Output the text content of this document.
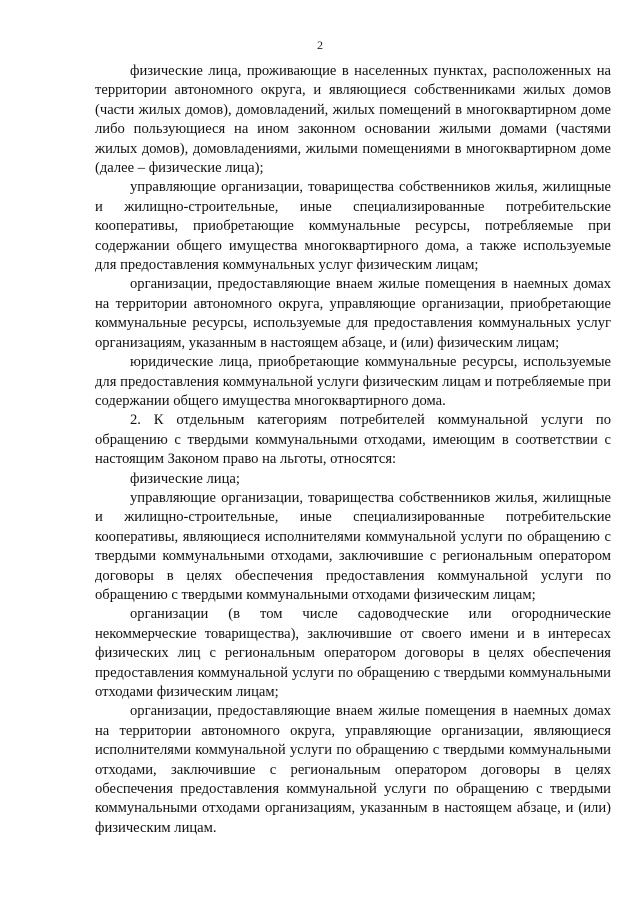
2

физические лица, проживающие в населенных пунктах, расположенных на территории автономного округа, и являющиеся собственниками жилых домов (части жилых домов), домовладений, жилых помещений в многоквартирном доме либо пользующиеся на ином законном основании жилыми домами (частями жилых домов), домовладениями, жилыми помещениями в многоквартирном доме (далее – физические лица);

управляющие организации, товарищества собственников жилья, жилищные и жилищно-строительные, иные специализированные потребительские кооперативы, приобретающие коммунальные ресурсы, потребляемые при содержании общего имущества многоквартирного дома, а также используемые для предоставления коммунальных услуг физическим лицам;

организации, предоставляющие внаем жилые помещения в наемных домах на территории автономного округа, управляющие организации, приобретающие коммунальные ресурсы, используемые для предоставления коммунальных услуг организациям, указанным в настоящем абзаце, и (или) физическим лицам;

юридические лица, приобретающие коммунальные ресурсы, используемые для предоставления коммунальной услуги физическим лицам и потребляемые при содержании общего имущества многоквартирного дома.

2. К отдельным категориям потребителей коммунальной услуги по обращению с твердыми коммунальными отходами, имеющим в соответствии с настоящим Законом право на льготы, относятся:

физические лица;

управляющие организации, товарищества собственников жилья, жилищные и жилищно-строительные, иные специализированные потребительские кооперативы, являющиеся исполнителями коммунальной услуги по обращению с твердыми коммунальными отходами, заключившие с региональным оператором договоры в целях обеспечения предоставления коммунальной услуги по обращению с твердыми коммунальными отходами физическим лицам;

организации (в том числе садоводческие или огороднические некоммерческие товарищества), заключившие от своего имени и в интересах физических лиц с региональным оператором договоры в целях обеспечения предоставления коммунальной услуги по обращению с твердыми коммунальными отходами физическим лицам;

организации, предоставляющие внаем жилые помещения в наемных домах на территории автономного округа, управляющие организации, являющиеся исполнителями коммунальной услуги по обращению с твердыми коммунальными отходами, заключившие с региональным оператором договоры в целях обеспечения предоставления коммунальной услуги по обращению с твердыми коммунальными отходами организациям, указанным в настоящем абзаце, и (или) физическим лицам.
